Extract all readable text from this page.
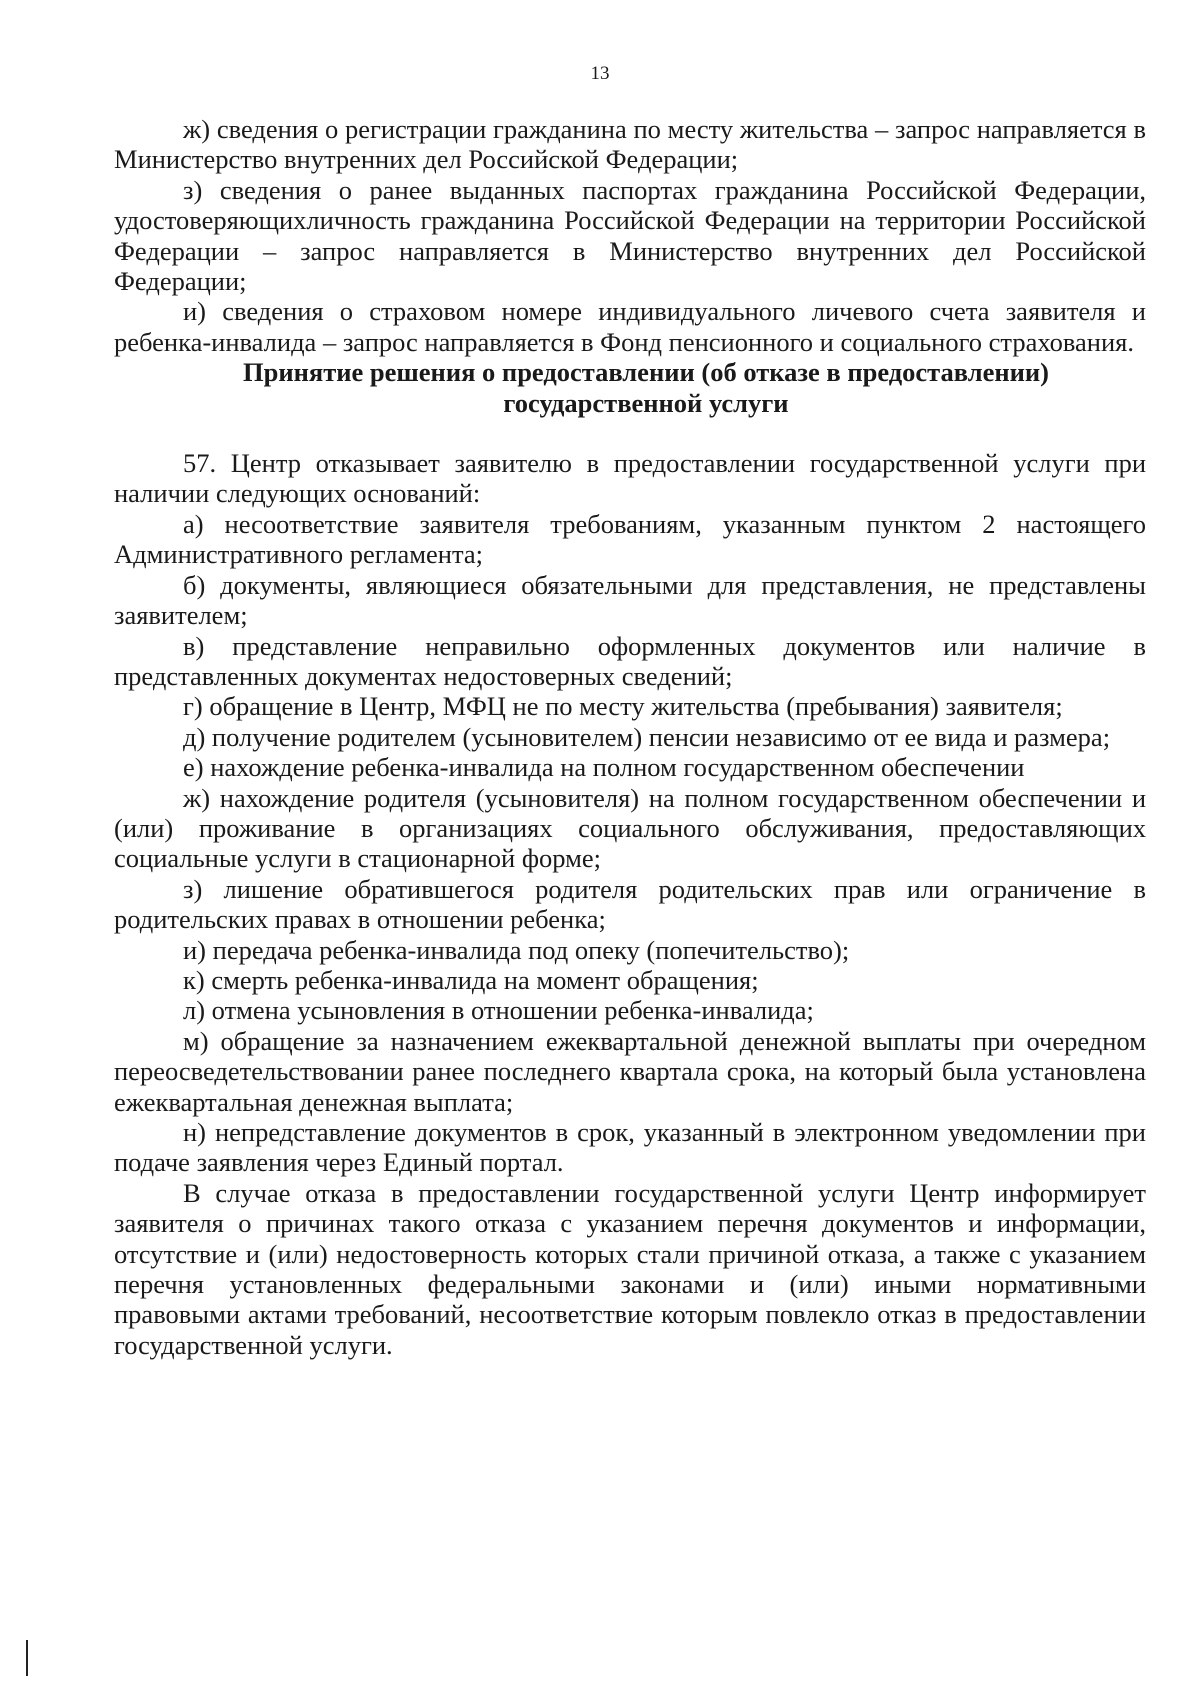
13

ж) сведения о регистрации гражданина по месту жительства – запрос направляется в Министерство внутренних дел Российской Федерации;

з) сведения о ранее выданных паспортах гражданина Российской Федерации, удостоверяющихличность гражданина Российской Федерации на территории Российской Федерации – запрос направляется в Министерство внутренних дел Российской Федерации;

и) сведения о страховом номере индивидуального личевого счета заявителя и ребенка-инвалида – запрос направляется в Фонд пенсионного и социального страхования.

Принятие решения о предоставлении (об отказе в предоставлении)
государственной услуги

57. Центр отказывает заявителю в предоставлении государственной услуги при наличии следующих оснований:

а) несоответствие заявителя требованиям, указанным пунктом 2 настоящего Административного регламента;

б) документы, являющиеся обязательными для представления, не представлены заявителем;

в) представление неправильно оформленных документов или наличие в представленных документах недостоверных сведений;

г) обращение в Центр, МФЦ не по месту жительства (пребывания) заявителя;

д) получение родителем (усыновителем) пенсии независимо от ее вида и размера;

е) нахождение ребенка-инвалида на полном государственном обеспечении

ж) нахождение родителя (усыновителя) на полном государственном обеспечении и (или) проживание в организациях социального обслуживания, предоставляющих социальные услуги в стационарной форме;

з) лишение обратившегося родителя родительских прав или ограничение в родительских правах в отношении ребенка;

и) передача ребенка-инвалида под опеку (попечительство);

к) смерть ребенка-инвалида на момент обращения;

л) отмена усыновления в отношении ребенка-инвалида;

м) обращение за назначением ежеквартальной денежной выплаты при очередном переосведетельствовании ранее последнего квартала срока, на который была установлена ежеквартальная денежная выплата;

н) непредставление документов в срок, указанный в электронном уведомлении при подаче заявления через Единый портал.

В случае отказа в предоставлении государственной услуги Центр информирует заявителя о причинах такого отказа с указанием перечня документов и информации, отсутствие и (или) недостоверность которых стали причиной отказа, а также с указанием перечня установленных федеральными законами и (или) иными нормативными правовыми актами требований, несоответствие которым повлекло отказ в предоставлении государственной услуги.
